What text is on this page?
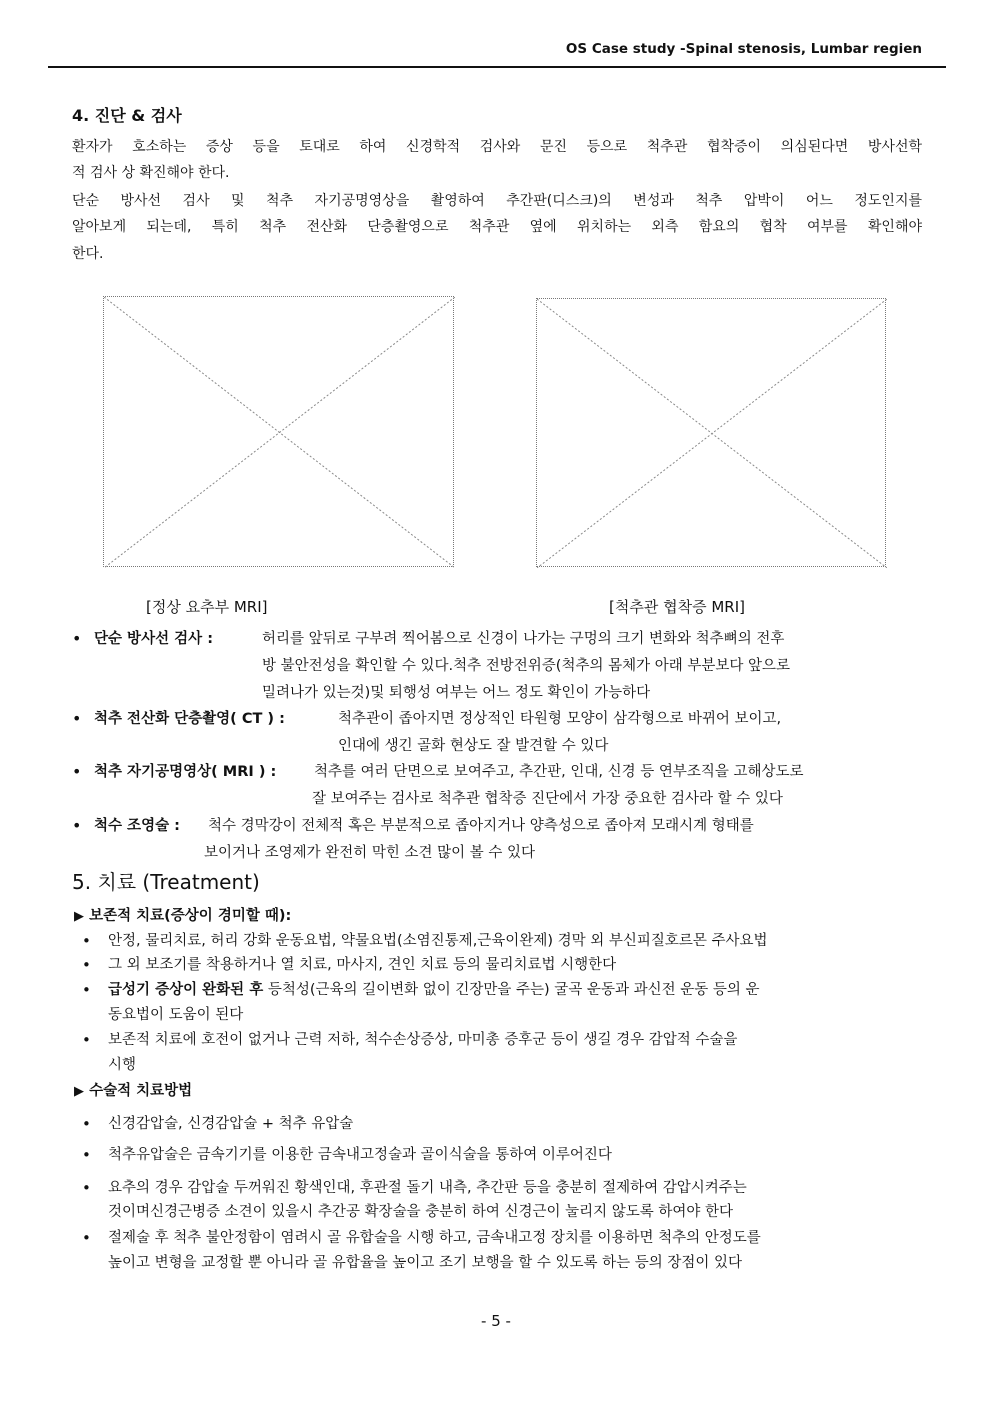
OS Case study -Spinal stenosis, Lumbar regien
4. 진단 & 검사

환자가 호소하는 증상 등을 토대로 하여 신경학적 검사와 문진 등으로 척추관 협착증이 의심된다면 방사선학

적 검사 상 확진해야 한다.

단순 방사선 검사 및 척추 자기공명영상을 촬영하여 추간판(디스크)의 변성과 척추 압박이 어느 정도인지를

알아보게 되는데, 특히 척추 전산화 단층촬영으로 척추관 옆에 위치하는 외측 함요의 협착 여부를 확인해야

한다.

[정상 요추부 MRI]	[척추관 협착증 MRI]
• 단순 방사선 검사 :	허리를 앞뒤로 구부려 찍어봄으로 신경이 나가는 구멍의 크기 변화와 척추뼈의 전후
방 불안전성을 확인할 수 있다.척추 전방전위증(척추의 몸체가 아래 부분보다 앞으로
밀려나가 있는것)및 퇴행성 여부는 어느 정도 확인이 가능하다
• 척추 전산화 단층촬영( CT ) :	척추관이 좁아지면 정상적인 타원형 모양이 삼각형으로 바뀌어 보이고,
인대에 생긴 골화 현상도 잘 발견할 수 있다
• 척추 자기공명영상( MRI ) :	척추를 여러 단면으로 보여주고, 추간판, 인대, 신경 등 연부조직을 고해상도로
잘 보여주는 검사로 척추관 협착증 진단에서 가장 중요한 검사라 할 수 있다
• 척수 조영술 : 척수 경막강이 전체적 혹은 부분적으로 좁아지거나 양측성으로 좁아져 모래시계 형태를
보이거나 조영제가 완전히 막힌 소견 많이 볼 수 있다
5. 치료 (Treatment)
▶ 보존적 치료(증상이 경미할 때):
• 안정, 물리치료, 허리 강화 운동요법, 약물요법(소염진통제,근육이완제) 경막 외 부신피질호르몬 주사요법
• 그 외 보조기를 착용하거나 열 치료, 마사지, 견인 치료 등의 물리치료법 시행한다
• 급성기 증상이 완화된 후 등척성(근육의 길이변화 없이 긴장만을 주는) 굴곡 운동과 과신전 운동 등의 운
동요법이 도움이 된다
• 보존적 치료에 호전이 없거나 근력 저하, 척수손상증상, 마미총 증후군 등이 생길 경우 감압적 수술을
시행
▶ 수술적 치료방법
• 신경감압술, 신경감압술 + 척추 유압술
• 척추유압술은 금속기기를 이용한 금속내고정술과 골이식술을 통하여 이루어진다
• 요추의 경우 감압술 두꺼워진 황색인대, 후관절 돌기 내측, 추간판 등을 충분히 절제하여 감압시켜주는
것이며신경근병증 소견이 있을시 추간공 확장술을 충분히 하여 신경근이 눌리지 않도록 하여야 한다
• 절제술 후 척추 불안정함이 염려시 골 유합술을 시행 하고, 금속내고정 장치를 이용하면 척추의 안정도를
높이고 변형을 교정할 뿐 아니라 골 유합율을 높이고 조기 보행을 할 수 있도록 하는 등의 장점이 있다
- 5 -
